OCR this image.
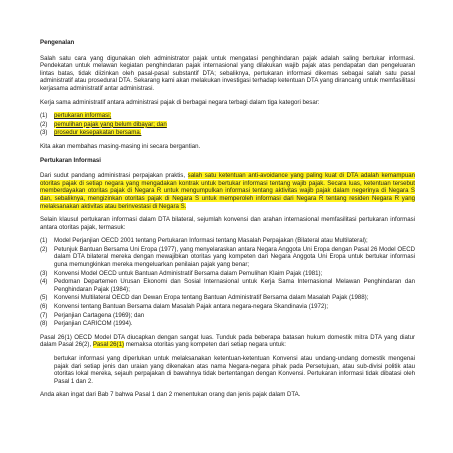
Pengenalan
Salah satu cara yang digunakan oleh administrator pajak untuk mengatasi penghindaran pajak adalah saling bertukar informasi. Pendekatan untuk melawan kegiatan penghindaran pajak internasional yang dilakukan wajib pajak atas pendapatan dan pengeluaran lintas batas, tidak diizinkan oleh pasal-pasal substantif DTA; sebaliknya, pertukaran informasi dikemas sebagai salah satu pasal administratif atau prosedural DTA. Sekarang kami akan melakukan investigasi terhadap ketentuan DTA yang dirancang untuk memfasilitasi kerjasama administratif antar administrasi.
Kerja sama administratif antara administrasi pajak di berbagai negara terbagi dalam tiga kategori besar:
(1)	pertukaran informasi;
(2)	pemulihan pajak yang belum dibayar; dan
(3)	prosedur kesepakatan bersama.
Kita akan membahas masing-masing ini secara bergantian.
Pertukaran Informasi
Dari sudut pandang administrasi perpajakan praktis, salah satu ketentuan anti-avoidance yang paling kuat di DTA adalah kemampuan otoritas pajak di setiap negara yang mengadakan kontrak untuk bertukar informasi tentang wajib pajak. Secara luas, ketentuan tersebut memberdayakan otoritas pajak di Negara R untuk mengumpulkan informasi tentang aktivitas wajib pajak dalam negerinya di Negara S dan, sebaliknya, mengizinkan otoritas pajak di Negara S untuk memperoleh informasi dari Negara R tentang residen Negara R yang melaksanakan aktivitas atau berinvestasi di Negara S.
Selain klausul pertukaran informasi dalam DTA bilateral, sejumlah konvensi dan arahan internasional memfasilitasi pertukaran informasi antara otoritas pajak, termasuk:
(1)	Model Perjanjian OECD 2001 tentang Pertukaran Informasi tentang Masalah Perpajakan (Bilateral atau Multilateral);
(2)	Petunjuk Bantuan Bersama Uni Eropa (1977), yang menyelaraskan antara Negara Anggota Uni Eropa dengan Pasal 26 Model OECD dalam DTA bilateral mereka dengan mewajibkan otoritas yang kompeten dari Negara Anggota Uni Eropa untuk bertukar informasi guna memungkinkan mereka mengeluarkan penilaian pajak yang benar;
(3)	Konvensi Model OECD untuk Bantuan Administratif Bersama dalam Pemulihan Klaim Pajak (1981);
(4)	Pedoman Departemen Urusan Ekonomi dan Sosial Internasional untuk Kerja Sama Internasional Melawan Penghindaran dan Penghindaran Pajak (1984);
(5)	Konvensi Multilateral OECD dan Dewan Eropa tentang Bantuan Administratif Bersama dalam Masalah Pajak (1988);
(6)	Konvensi tentang Bantuan Bersama dalam Masalah Pajak antara negara-negara Skandinavia (1972);
(7)	Perjanjian Cartagena (1969); dan
(8)	Perjanjian CARICOM (1994).
Pasal 26(1) OECD Model DTA diucapkan dengan sangat luas. Tunduk pada beberapa batasan hukum domestik mitra DTA yang diatur dalam Pasal 26(2), Pasal 26(1) memaksa otoritas yang kompeten dari setiap negara untuk:
bertukar informasi yang diperlukan untuk melaksanakan ketentuan-ketentuan Konvensi atau undang-undang domestik mengenai pajak dari setiap jenis dan uraian yang dikenakan atas nama Negara-negara pihak pada Persetujuan, atau sub-divisi politik atau otoritas lokal mereka, sejauh perpajakan di bawahnya tidak bertentangan dengan Konvensi. Pertukaran informasi tidak dibatasi oleh Pasal 1 dan 2.
Anda akan ingat dari Bab 7 bahwa Pasal 1 dan 2 menentukan orang dan jenis pajak dalam DTA.
